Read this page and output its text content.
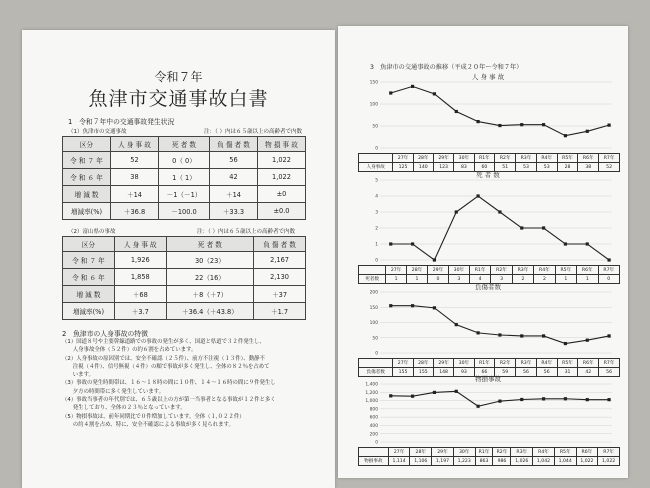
令和７年
魚津市交通事故白書
1　令和７年中の交通事故発生状況
（1）魚津市の交通事故	注：（ ）内は６５歳以上の高齢者で内数
区分	人 身 事 故	死 者 数	負 傷 者 数	物 損 事 故
令 和 ７ 年	52	0（ 0）	56	1,022
令 和 ６ 年	38	1（ 1）	42	1,022
増 減 数	＋14	－1（－1）	＋14	±0
増減率(%)	＋36.8	－100.0	＋33.3	±0.0
（2）富山県の事故	注：（ ）内は６５歳以上の高齢者で内数
区分	人 身 事 故	死 者 数	負 傷 者 数
令 和 ７ 年	1,926	30（23）	2,167
令 和 ６ 年	1,858	22（16）	2,130
増 減 数	＋68	＋8（＋7）	＋37
増減率(%)	＋3.7	＋36.4（＋43.8）	＋1.7
2　魚津市の人身事故の特徴
（1）国道８号や主要幹線道路での事故の発生が多く、国道と県道で３２件発生し、
　　人身事故全体（５２件）の約６割を占めています。
（2）人身事故の原因別では、安全不確認（２５件）、前方不注視（１３件）、動静不
　　注視（４件）、信号無視（４件）の順で事故が多く発生し、全体の８２％を占めて
　　います。
（3）事故の発生時間帯は、１６～１８時の間に１０件、１４～１６時の間に９件発生し
　　夕方の時間帯に多く発生しています。
（4）事故当事者の年代別では、６５歳以上の方が第一当事者となる事故が１２件と多く
　　発生しており、全体の２３％となっています。
（5）物損事故は、前年同期比で０件増加しています。全体（１,０２２件）
　　の約４割を占め、特に、安全不確認による事故が多く見られます。
3　魚津市の交通事故の推移（平成２０年～令和７年）
人 身 事 故
150
100
50
0
	27年	28年	29年	30年	R1年	R2年	R3年	R4年	R5年	R6年	R7年
人身事故	125	140	123	83	60	51	53	53	28	38	52
死 者 数
5
4
3
2
1
0
	27年	28年	29年	30年	R1年	R2年	R3年	R4年	R5年	R6年	R7年
死者数	1	1	0	3	4	3	2	2	1	1	0
負傷者数
200
150
100
50
0
	27年	28年	29年	30年	R1年	R2年	R3年	R4年	R5年	R6年	R7年
負傷者数	155	155	148	93	66	59	56	56	31	42	56
物損事故
1,400
1,200
1,000
800
600
400
200
0
	27年	28年	29年	30年	R1年	R2年	R3年	R4年	R5年	R6年	R7年
物損事故	1,114	1,106	1,197	1,223	863	986	1,026	1,042	1,044	1,022	1,022
